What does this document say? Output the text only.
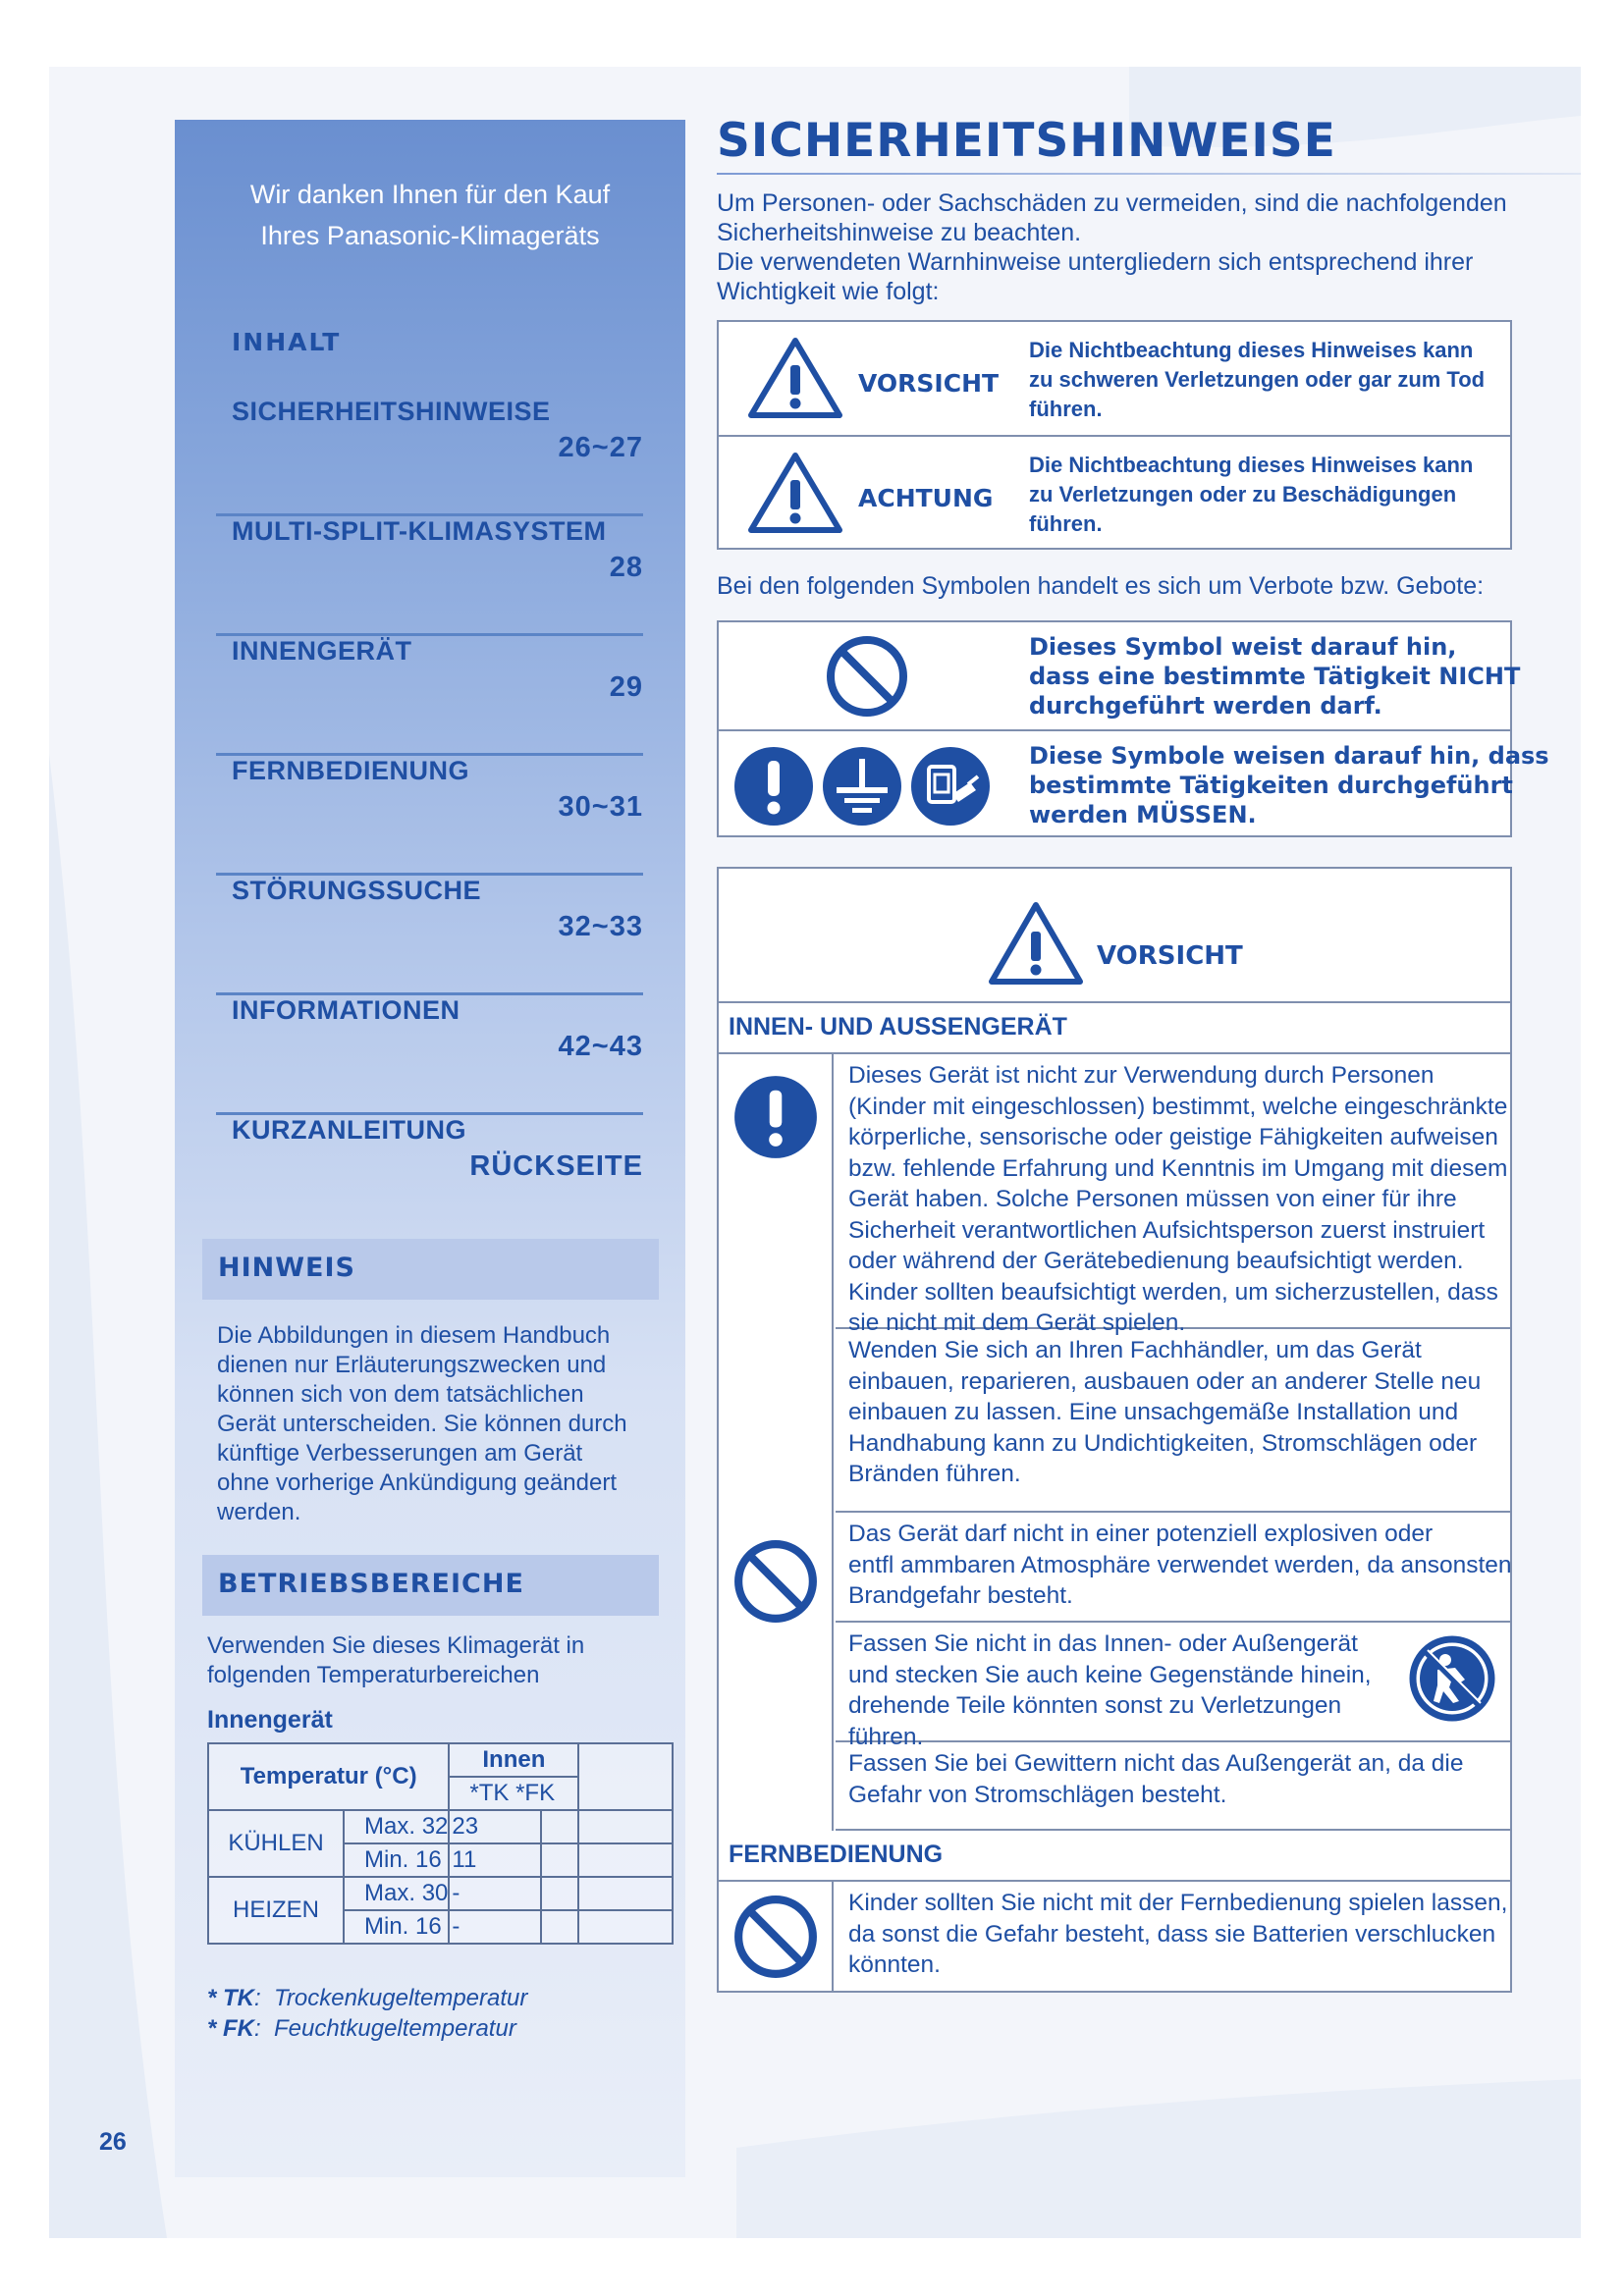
Wir danken Ihnen für den Kauf
Ihres Panasonic-Klimageräts
INHALT
SICHERHEITSHINWEISE
26~27
MULTI-SPLIT-KLIMASYSTEM
28
INNENGERÄT
29
FERNBEDIENUNG
30~31
STÖRUNGSSUCHE
32~33
INFORMATIONEN
42~43
KURZANLEITUNG
RÜCKSEITE
HINWEIS
Die Abbildungen in diesem Handbuch
dienen nur Erläuterungszwecken und
können sich von dem tatsächlichen
Gerät unterscheiden. Sie können durch
künftige Verbesserungen am Gerät
ohne vorherige Ankündigung geändert
werden.
BETRIEBSBEREICHE
Verwenden Sie dieses Klimagerät in
folgenden Temperaturbereichen
Innengerät
Temperatur (°C)		Innen		
		*TK *FK		
KÜHLEN	Max. 32	23		
	Min. 16	11		
HEIZEN	Max. 30	-		
	Min. 16	-		
* TK:  Trockenkugeltemperatur
* FK:  Feuchtkugeltemperatur
26
SICHERHEITSHINWEISE
Um Personen- oder Sachschäden zu vermeiden, sind die nachfolgenden
Sicherheitshinweise zu beachten.
Die verwendeten Warnhinweise untergliedern sich entsprechend ihrer
Wichtigkeit wie folgt:
VORSICHT
Die Nichtbeachtung dieses Hinweises kann
zu schweren Verletzungen oder gar zum Tod
führen.
ACHTUNG
Die Nichtbeachtung dieses Hinweises kann
zu Verletzungen oder zu Beschädigungen
führen.
Bei den folgenden Symbolen handelt es sich um Verbote bzw. Gebote:
Dieses Symbol weist darauf hin,
dass eine bestimmte Tätigkeit NICHT
durchgeführt werden darf.
Diese Symbole weisen darauf hin, dass
bestimmte Tätigkeiten durchgeführt
werden MÜSSEN.
VORSICHT
INNEN- UND AUSSENGERÄT
Dieses Gerät ist nicht zur Verwendung durch Personen
(Kinder mit eingeschlossen) bestimmt, welche eingeschränkte
körperliche, sensorische oder geistige Fähigkeiten aufweisen
bzw. fehlende Erfahrung und Kenntnis im Umgang mit diesem
Gerät haben. Solche Personen müssen von einer für ihre
Sicherheit verantwortlichen Aufsichtsperson zuerst instruiert
oder während der Gerätebedienung beaufsichtigt werden.
Kinder sollten beaufsichtigt werden, um sicherzustellen, dass
sie nicht mit dem Gerät spielen.
Wenden Sie sich an Ihren Fachhändler, um das Gerät
einbauen, reparieren, ausbauen oder an anderer Stelle neu
einbauen zu lassen. Eine unsachgemäße Installation und
Handhabung kann zu Undichtigkeiten, Stromschlägen oder
Bränden führen.
Das Gerät darf nicht in einer potenziell explosiven oder
entfl ammbaren Atmosphäre verwendet werden, da ansonsten
Brandgefahr besteht.
Fassen Sie nicht in das Innen- oder Außengerät
und stecken Sie auch keine Gegenstände hinein,
drehende Teile könnten sonst zu Verletzungen
führen.
Fassen Sie bei Gewittern nicht das Außengerät an, da die
Gefahr von Stromschlägen besteht.
FERNBEDIENUNG
Kinder sollten Sie nicht mit der Fernbedienung spielen lassen,
da sonst die Gefahr besteht, dass sie Batterien verschlucken
könnten.
